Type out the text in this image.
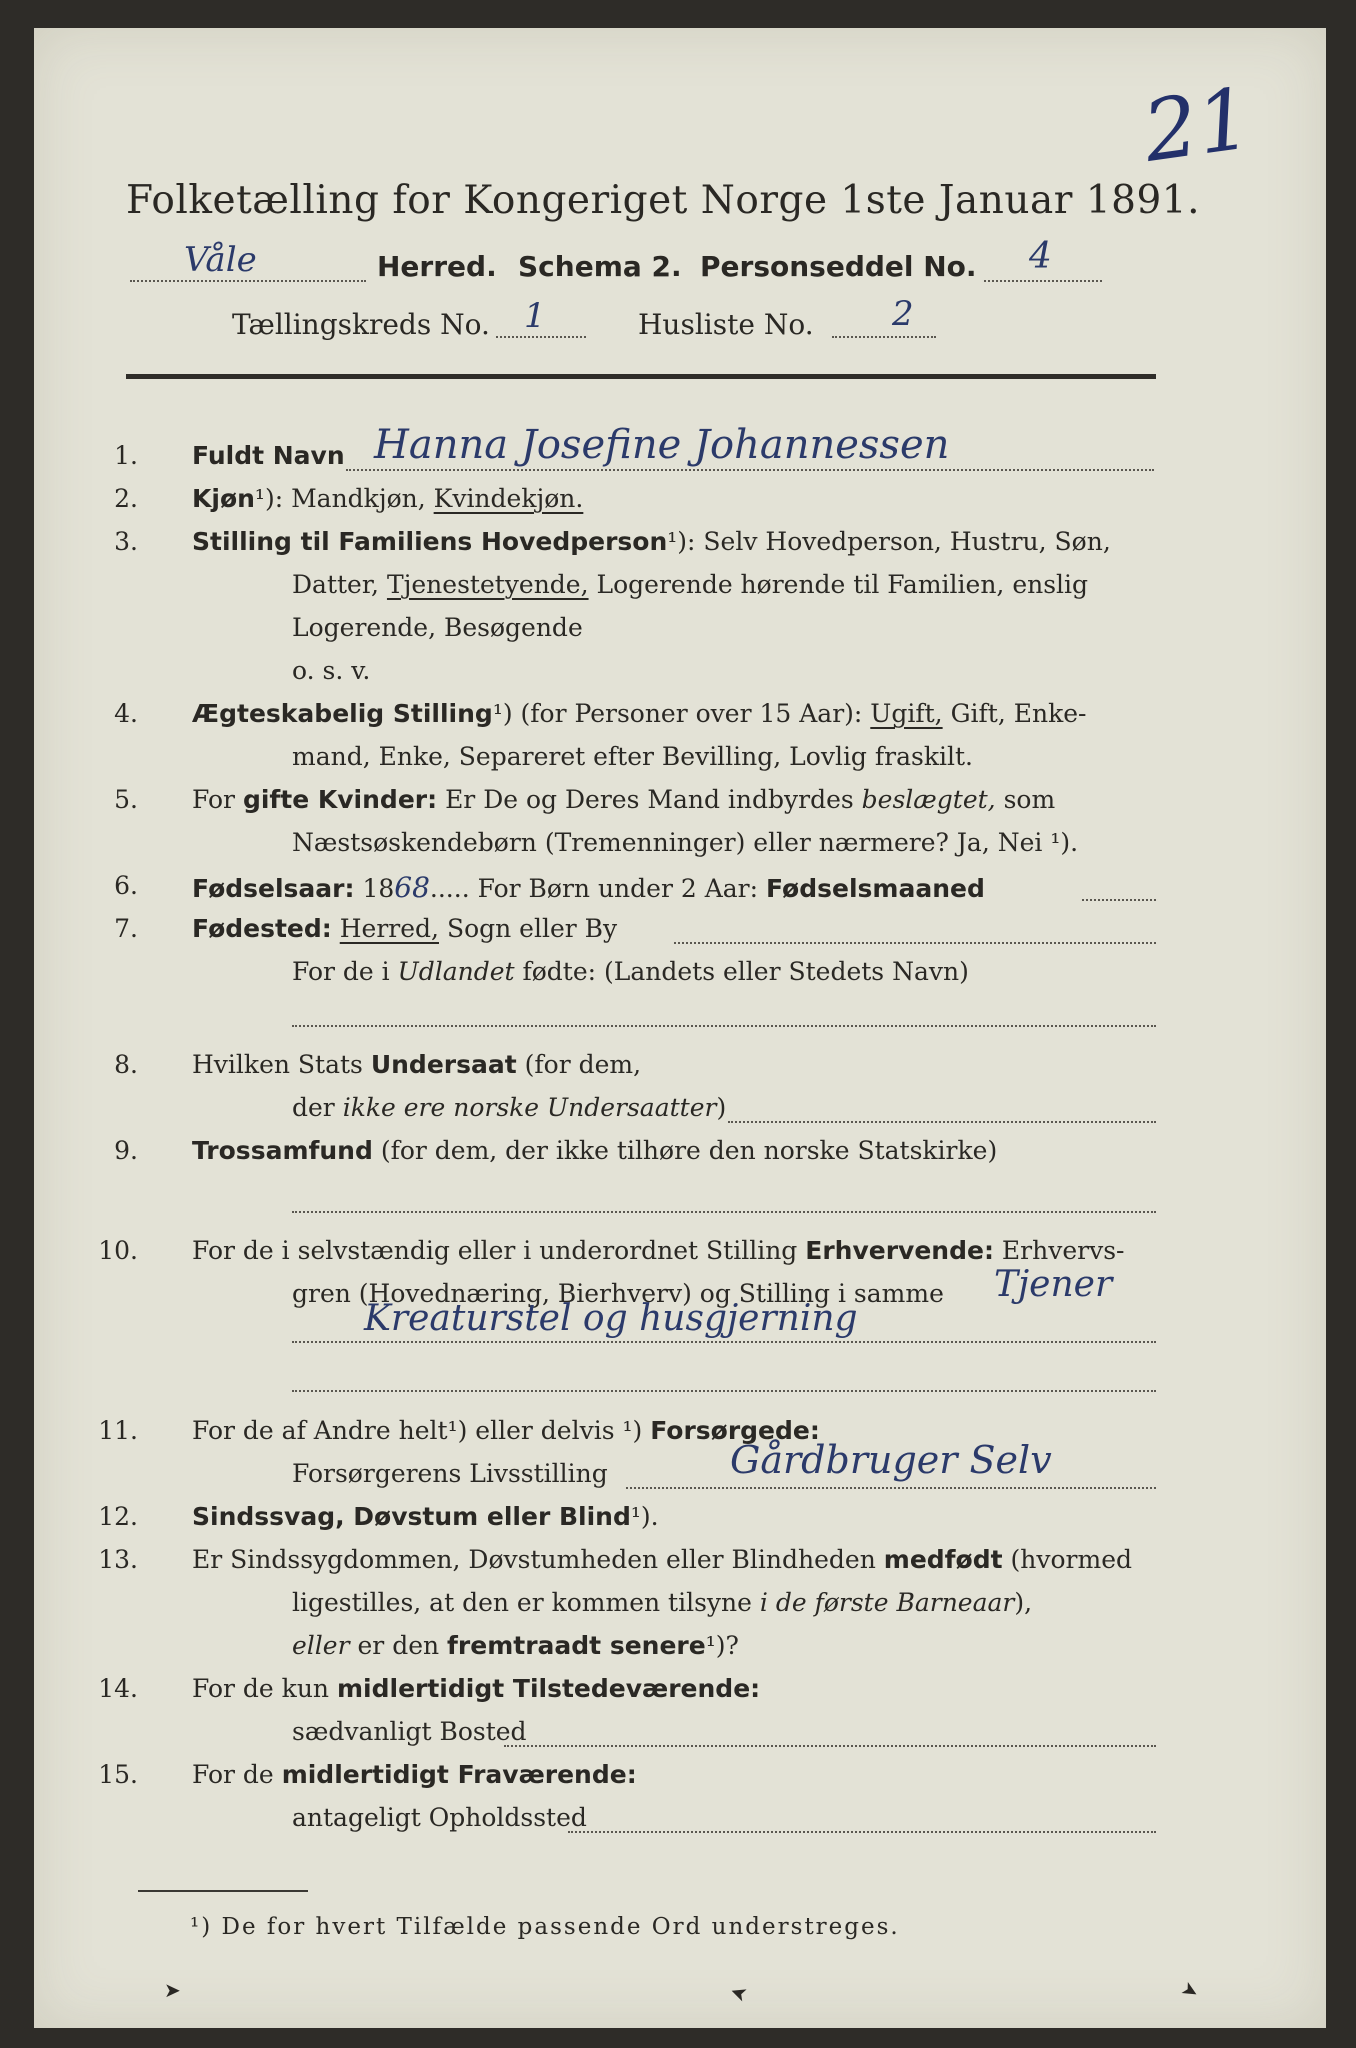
21
Folketælling for Kongeriget Norge 1ste Januar 1891.
Våle	Herred. Schema 2. Personseddel No. 4
Tællingskreds No. 1	Husliste No. 2
1. Fuldt Navn Hanna Josefine Johannessen
2. Kjøn¹): Mandkjøn, Kvindekjøn.
3. Stilling til Familiens Hovedperson¹): Selv Hovedperson, Hustru, Søn,
Datter, Tjenestetyende, Logerende hørende til Familien, enslig
Logerende, Besøgende
o. s. v.
4. Ægteskabelig Stilling¹) (for Personer over 15 Aar): Ugift, Gift, Enke-
mand, Enke, Separeret efter Bevilling, Lovlig fraskilt.
5. For gifte Kvinder: Er De og Deres Mand indbyrdes beslægtet, som
Næstsøskendebørn (Tremenninger) eller nærmere? Ja, Nei ¹).
6. Fødselsaar: 1868..... For Børn under 2 Aar: Fødselsmaaned
7. Fødested: Herred, Sogn eller By
For de i Udlandet fødte: (Landets eller Stedets Navn)
8. Hvilken Stats Undersaat (for dem,
der ikke ere norske Undersaatter)
9. Trossamfund (for dem, der ikke tilhøre den norske Statskirke)
10. For de i selvstændig eller i underordnet Stilling Erhvervende: Erhvervs-
gren (Hovednæring, Bierhverv) og Stilling i samme Tjener
Kreaturstel og husgjerning
11. For de af Andre helt¹) eller delvis ¹) Forsørgede:
Forsørgerens Livsstilling	Gårdbruger Selv
12. Sindssvag, Døvstum eller Blind¹).
13. Er Sindssygdommen, Døvstumheden eller Blindheden medfødt (hvormed
ligestilles, at den er kommen tilsyne i de første Barneaar),
eller er den fremtraadt senere¹)?
14. For de kun midlertidigt Tilstedeværende:
sædvanligt Bosted
15. For de midlertidigt Fraværende:
antageligt Opholdssted
¹) De for hvert Tilfælde passende Ord understreges.
➤	➤	➤
